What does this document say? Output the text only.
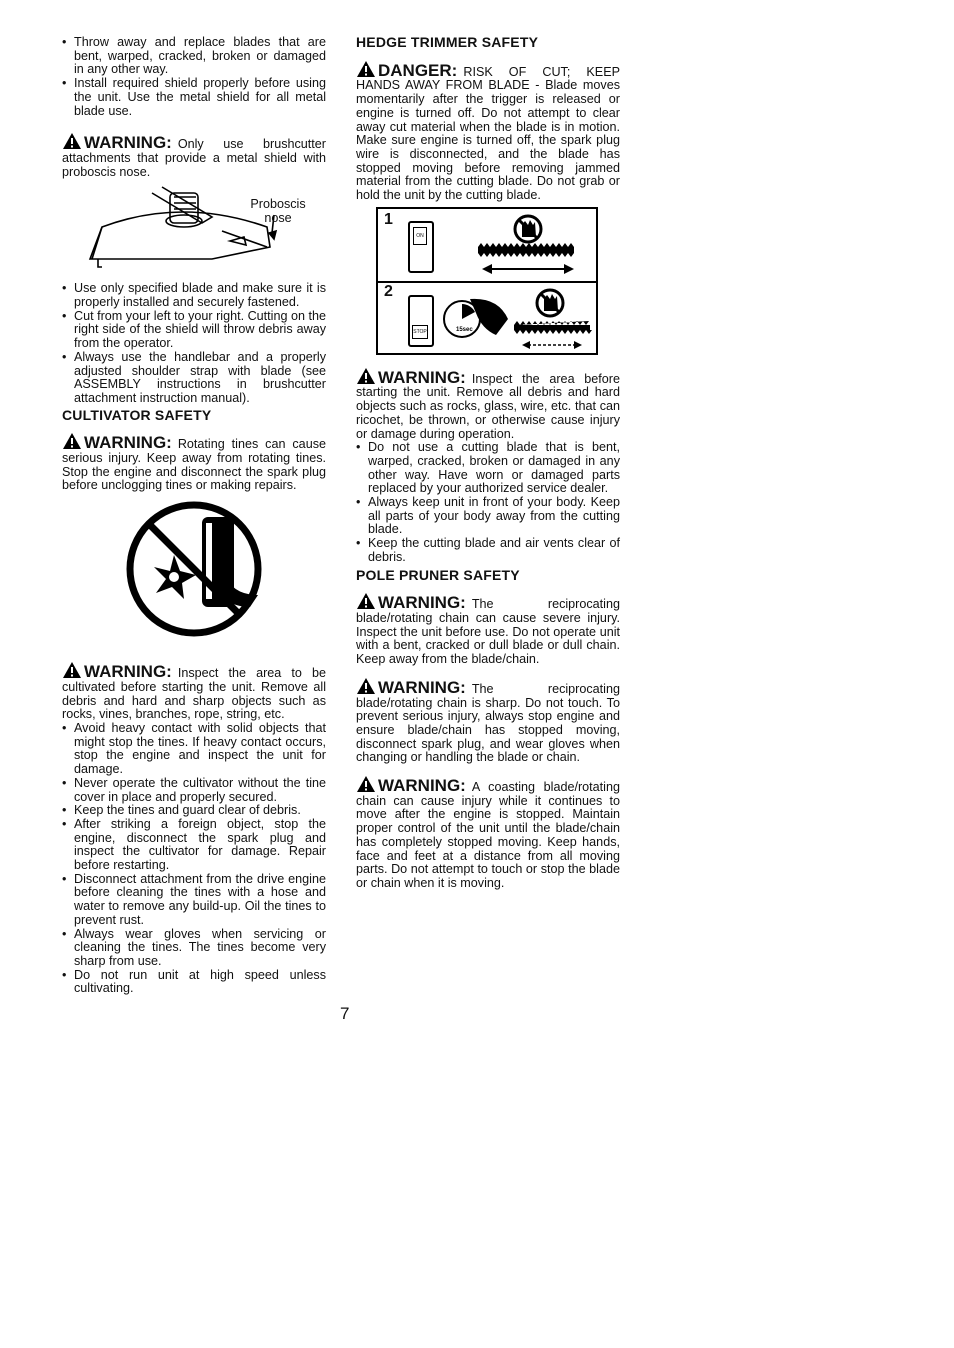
• Throw away and replace blades that are bent, warped, cracked, broken or damaged in any other way.
• Install required shield properly before using the unit. Use the metal shield for all metal blade use.

WARNING: Only use brushcutter attachments that provide a metal shield with proboscis nose.

Proboscis nose
• Use only specified blade and make sure it is properly installed and securely fastened.
• Cut from your left to your right. Cutting on the right side of the shield will throw debris away from the operator.
• Always use the handlebar and a properly adjusted shoulder strap with blade (see ASSEMBLY instructions in brushcutter attachment instruction manual).

CULTIVATOR SAFETY

WARNING: Rotating tines can cause serious injury. Keep away from rotating tines. Stop the engine and disconnect the spark plug before unclogging tines or making repairs.

WARNING: Inspect the area to be cultivated before starting the unit. Remove all debris and hard and sharp objects such as rocks, vines, branches, rope, string, etc.

• Avoid heavy contact with solid objects that might stop the tines. If heavy contact occurs, stop the engine and inspect the unit for damage.
• Never operate the cultivator without the tine cover in place and properly secured.
• Keep the tines and guard clear of debris.
• After striking a foreign object, stop the engine, disconnect the spark plug and inspect the cultivator for damage. Repair before restarting.
• Disconnect attachment from the drive engine before cleaning the tines with a hose and water to remove any build-up. Oil the tines to prevent rust.
• Always wear gloves when servicing or cleaning the tines. The tines become very sharp from use.
• Do not run unit at high speed unless cultivating.

HEDGE TRIMMER SAFETY

DANGER: RISK OF CUT; KEEP HANDS AWAY FROM BLADE - Blade moves momentarily after the trigger is released or engine is turned off. Do not attempt to clear away cut material when the blade is in motion. Make sure engine is turned off, the spark plug wire is disconnected, and the blade has stopped moving before removing jammed material from the cutting blade. Do not grab or hold the unit by the cutting blade.

1
2
ON
STOP	15sec

WARNING: Inspect the area before starting the unit. Remove all debris and hard objects such as rocks, glass, wire, etc. that can ricochet, be thrown, or otherwise cause injury or damage during operation.

• Do not use a cutting blade that is bent, warped, cracked, broken or damaged in any other way. Have worn or damaged parts replaced by your authorized service dealer.
• Always keep unit in front of your body. Keep all parts of your body away from the cutting blade.
• Keep the cutting blade and air vents clear of debris.

POLE PRUNER SAFETY

WARNING: The reciprocating blade/rotating chain can cause severe injury. Inspect the unit before use. Do not operate unit with a bent, cracked or dull blade or dull chain. Keep away from the blade/chain.

WARNING: The reciprocating blade/rotating chain is sharp. Do not touch. To prevent serious injury, always stop engine and ensure blade/chain has stopped moving, disconnect spark plug, and wear gloves when changing or handling the blade or chain.

WARNING: A coasting blade/rotating chain can cause injury while it continues to move after the engine is stopped. Maintain proper control of the unit until the blade/chain has completely stopped moving. Keep hands, face and feet at a distance from all moving parts. Do not attempt to touch or stop the blade or chain when it is moving.

7
